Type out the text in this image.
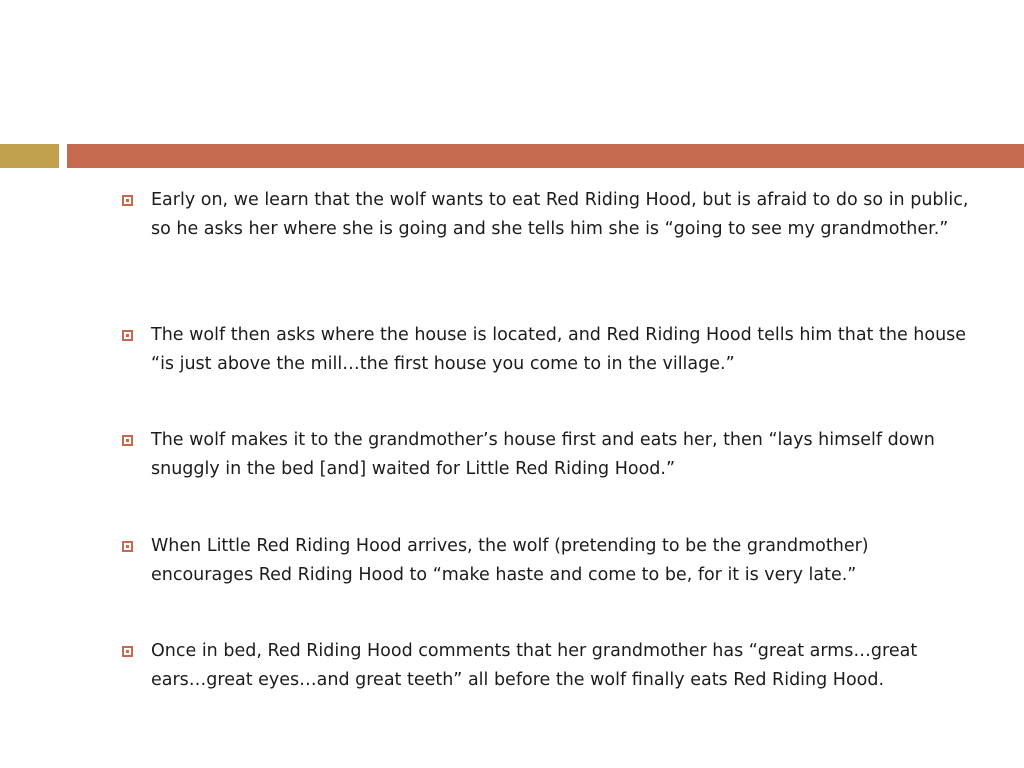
Early on, we learn that the wolf wants to eat Red Riding Hood, but is afraid to do so in public, so he asks her where she is going and she tells him she is “going to see my grandmother.”
The wolf then asks where the house is located, and Red Riding Hood tells him that the house “is just above the mill…the first house you come to in the village.”
The wolf makes it to the grandmother’s house first and eats her, then “lays himself down snuggly in the bed [and] waited for Little Red Riding Hood.”
When Little Red Riding Hood arrives, the wolf (pretending to be the grandmother) encourages Red Riding Hood to “make haste and come to be, for it is very late.”
Once in bed, Red Riding Hood comments that her grandmother has “great arms…great ears…great eyes…and great teeth” all before the wolf finally eats Red Riding Hood.
